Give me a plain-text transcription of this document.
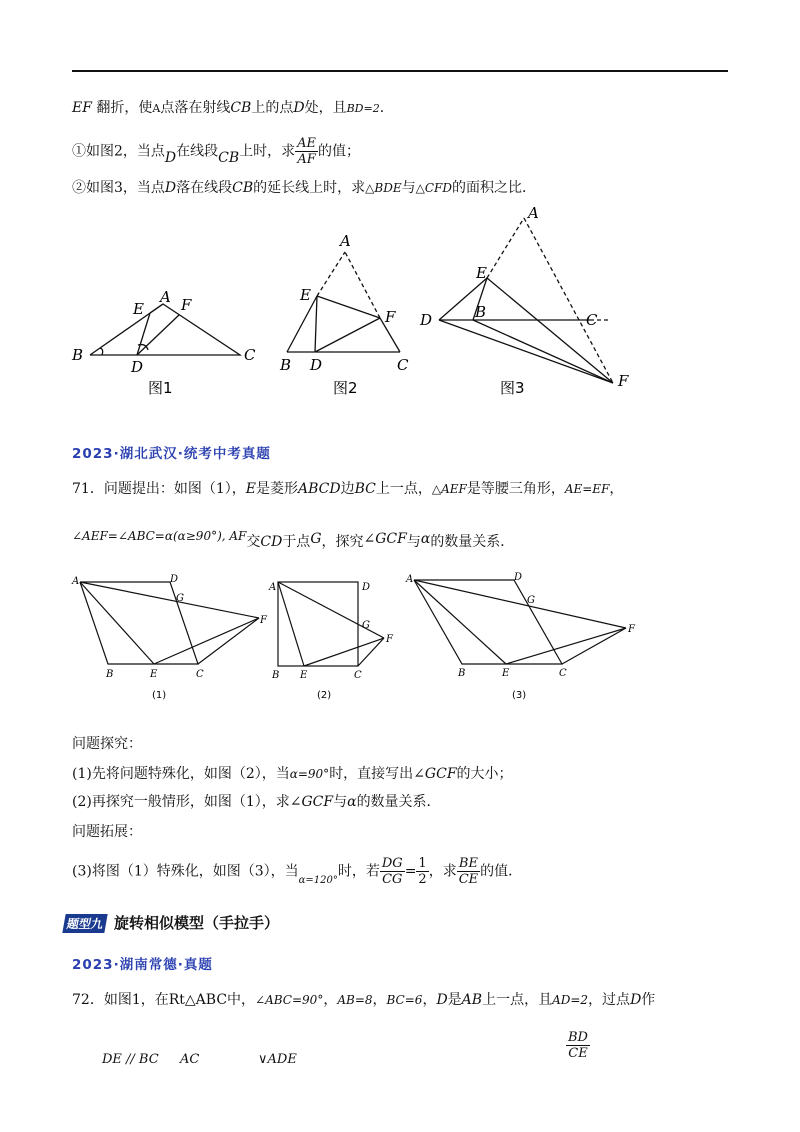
EF 翻折，使A点落在射线CB上的点D处，且BD=2．
①如图2，当点D在线段CB上时，求 $\frac{AE}{AF}$ 的值；
②如图3，当点D落在线段CB的延长线上时，求△BDE与△CFD的面积之比．
B
E
A F
C
D
图1
A
E
F
B D	C
图2
A
E
B
D	C
F
图3
2023·湖北武汉·统考中考真题
71．问题提出：如图（1），E是菱形ABCD边BC上一点，△AEF是等腰三角形，AE=EF，
∠AEF=∠ABC=α(α≥90°), AF交CD于点G，探究∠GCF与α的数量关系．
A	D
G
F
B	E	C
(1)
A	D
G
F
B E	C
(2)
A	D
G
F
B	E	C
(3)
问题探究：
(1)先将问题特殊化，如图（2），当α=90°时，直接写出∠GCF的大小；
(2)再探究一般情形，如图（1），求∠GCF与α的数量关系．
问题拓展：
(3)将图（1）特殊化，如图（3），当$_{\alpha=120^\circ}$时，若 $\frac{DG}{CG} = \frac{1}{2}$ ，求 $\frac{BE}{CE}$ 的值．
题型九 旋转相似模型（手拉手）
2023·湖南常德·真题
72．如图1，在Rt△ABC中，∠ABC=90°，AB=8，BC=6，D是AB上一点，且AD=2，过点D作
DE // BC AC	∨ADE	$\frac{BD}{CE}$
